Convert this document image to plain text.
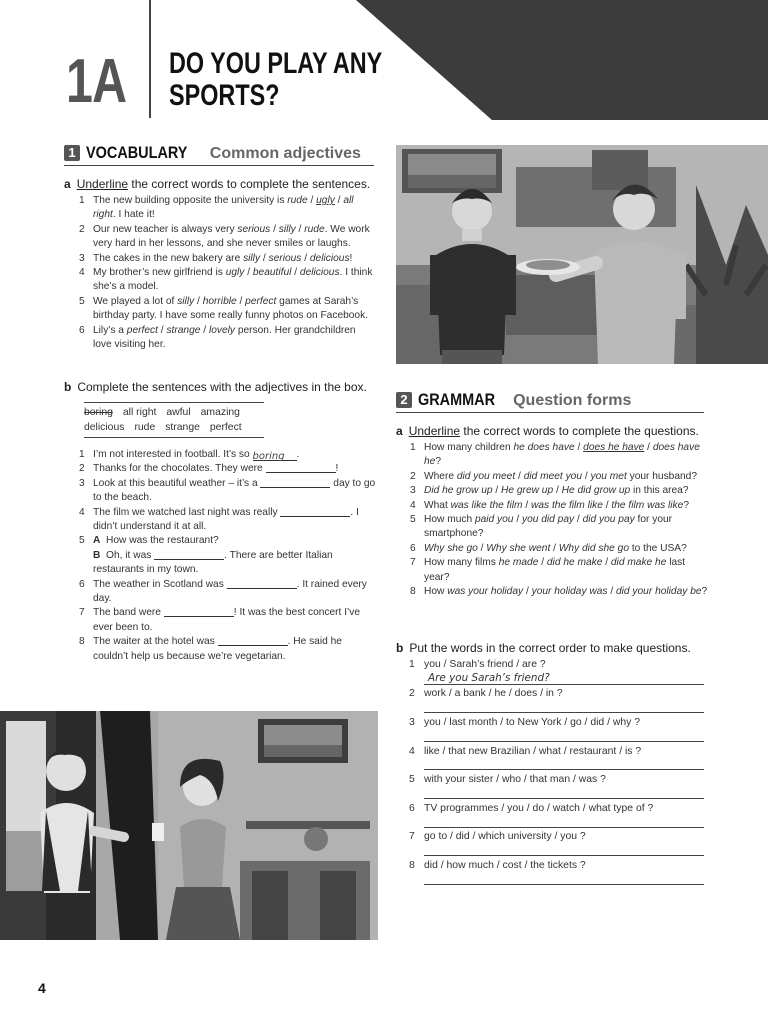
1A DO YOU PLAY ANY
SPORTS?
1 VOCABULARY Common adjectives
a Underline the correct words to complete the sentences.
1 The new building opposite the university is rude / ugly / all right. I hate it!
2 Our new teacher is always very serious / silly / rude. We work very hard in her lessons, and she never smiles or laughs.
3 The cakes in the new bakery are silly / serious / delicious!
4 My brother’s new girlfriend is ugly / beautiful / delicious. I think she’s a model.
5 We played a lot of silly / horrible / perfect games at Sarah’s birthday party. I have some really funny photos on Facebook.
6 Lily’s a perfect / strange / lovely person. Her grandchildren love visiting her.
b Complete the sentences with the adjectives in the box.
boring all right awful amazing
delicious rude strange perfect
1 I’m not interested in football. It’s so boring .
2 Thanks for the chocolates. They were	!
3 Look at this beautiful weather – it’s a	day to go to the beach.
4 The film we watched last night was really	. I didn’t understand it at all.
5 A How was the restaurant?
B Oh, it was	. There are better Italian restaurants in my town.
6 The weather in Scotland was	. It rained every day.
7 The band were	! It was the best concert I’ve ever been to.
8 The waiter at the hotel was	. He said he couldn’t help us because we’re vegetarian.
2 GRAMMAR Question forms
a Underline the correct words to complete the questions.
1 How many children he does have / does he have / does have he?
2 Where did you meet / did meet you / you met your husband?
3 Did he grow up / He grew up / He did grow up in this area?
4 What was like the film / was the film like / the film was like?
5 How much paid you / you did pay / did you pay for your smartphone?
6 Why she go / Why she went / Why did she go to the USA?
7 How many films he made / did he make / did make he last year?
8 How was your holiday / your holiday was / did your holiday be?
b Put the words in the correct order to make questions.
1 you / Sarah’s friend / are ?
Are you Sarah’s friend?
2 work / a bank / he / does / in ?
3 you / last month / to New York / go / did / why ?
4 like / that new Brazilian / what / restaurant / is ?
5 with your sister / who / that man / was ?
6 TV programmes / you / do / watch / what type of ?
7 go to / did / which university / you ?
8 did / how much / cost / the tickets ?
4
